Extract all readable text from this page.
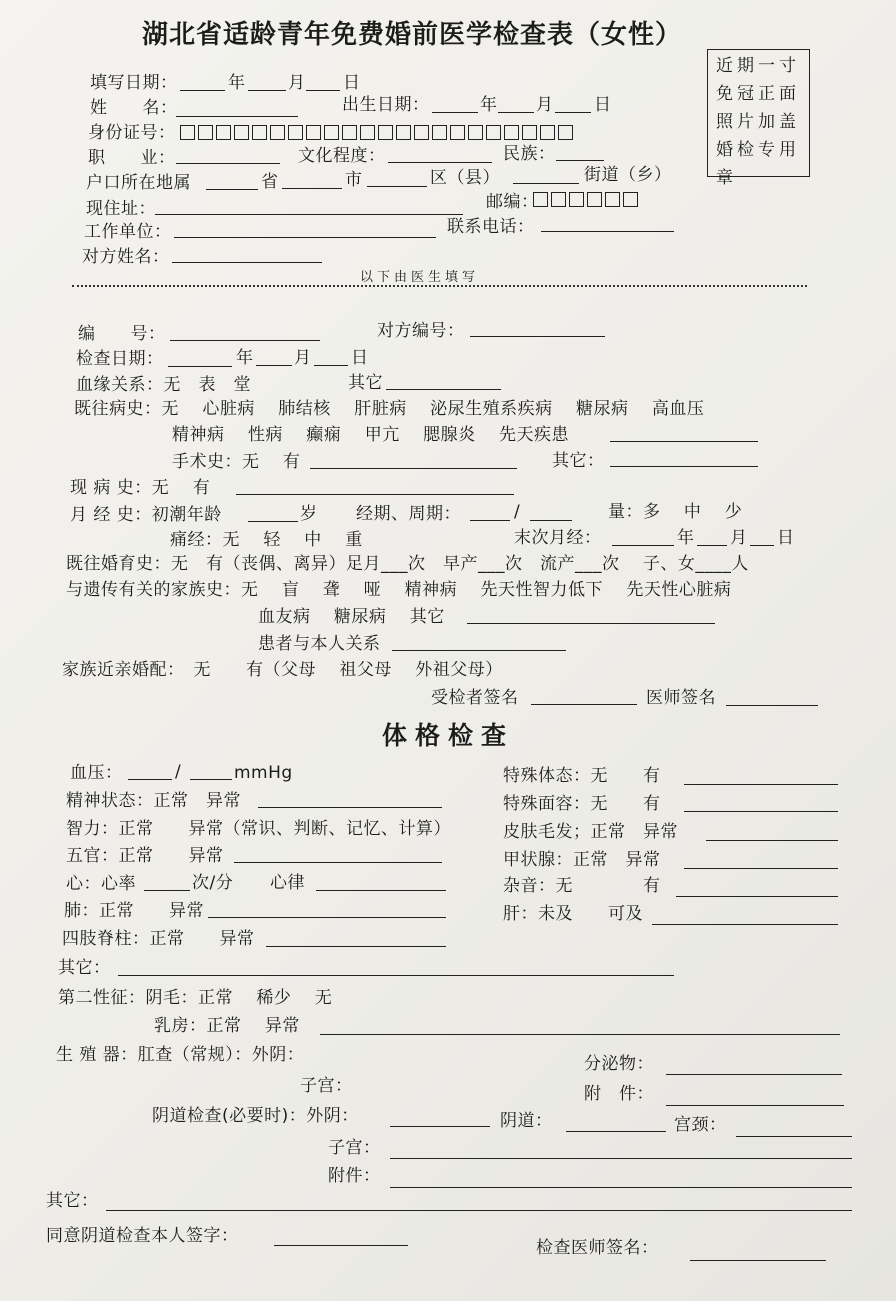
湖北省适龄青年免费婚前医学检查表（女性）
近期一寸
免冠正面
照片加盖
婚检专用
章
填写日期：	年	月 日
姓　　名：	出生日期：	年 月 日
身份证号：
职　　业：	文化程度：	民族：
户口所在地属	省	市	区（县）	街道（乡）
现住址：	邮编：
工作单位：	联系电话：
对方姓名：
以下由医生填写
编　　号：	对方编号：
检查日期：	年 月 日
血缘关系：无　表　堂	其它
既往病史：无　 心脏病　 肺结核　 肝脏病　 泌尿生殖系疾病　 糖尿病　 高血压
精神病　 性病　 癫痫　 甲亢　 腮腺炎　 先天疾患
手术史：无　 有	其它：
现 病 史：无　 有
月 经 史：初潮年龄	岁 经期、周期：	/	量：多　 中　 少
痛经：无　 轻　 中　 重	末次月经：	年 月 日
既往婚育史：无　有（丧偶、离异）足月___次　早产___次　流产___次　 子、女____人
与遗传有关的家族史：无　 盲　 聋　 哑　 精神病　 先天性智力低下　 先天性心脏病
血友病　 糖尿病　 其它
患者与本人关系
家族近亲婚配：　无　　有（父母　 祖父母　 外祖父母）
受检者签名	医师签名
体格检查
血压：	/	mmHg	特殊体态：无　　有
精神状态：正常　异常	特殊面容：无　　有
智力：正常　　异常（常识、判断、记忆、计算）	皮肤毛发；正常　异常
五官：正常　　异常	甲状腺：正常　异常
心：心率	次/分 心律	杂音：无　　　　有
肺：正常　　异常	肝：未及　　可及
四肢脊柱：正常　　异常
其它：
第二性征：阴毛：正常　 稀少　 无
乳房：正常　 异常
生 殖 器：肛查（常规）：外阴：	分泌物：
子宫：	附　件：
阴道检查(必要时)：外阴：	阴道：	宫颈：
子宫：
附件：
其它：
同意阴道检查本人签字：
检查医师签名：
